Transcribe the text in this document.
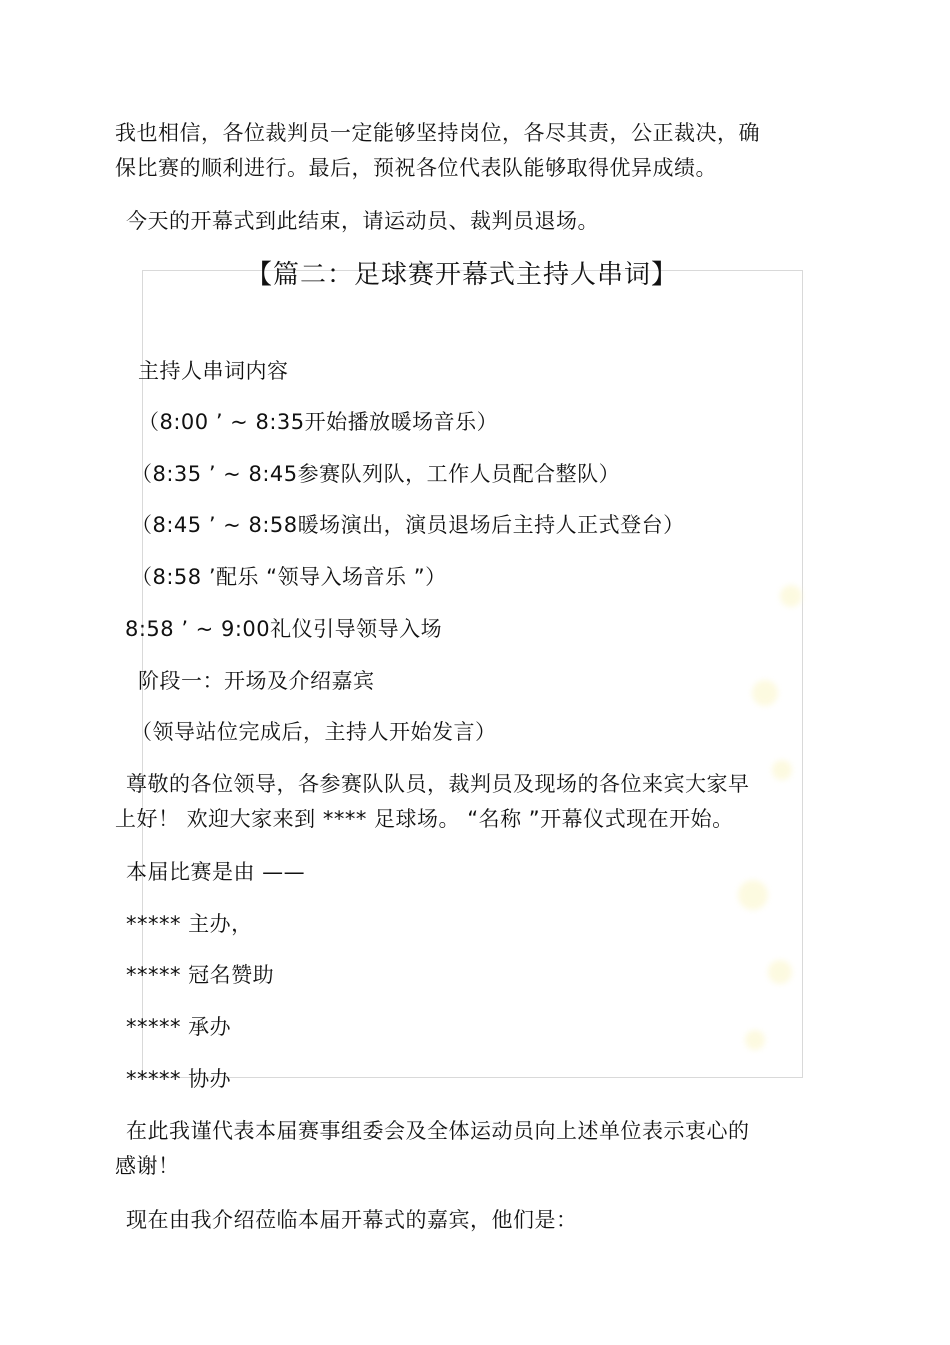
我也相信，各位裁判员一定能够坚持岗位，各尽其责，公正裁决，确
保比赛的顺利进行。最后，预祝各位代表队能够取得优异成绩。
今天的开幕式到此结束，请运动员、裁判员退场。
【篇二：足球赛开幕式主持人串词】
主持人串词内容
（8:00 ’ ~ 8:35开始播放暖场音乐）
（8:35 ’ ~ 8:45参赛队列队，工作人员配合整队）
（8:45 ’ ~ 8:58暖场演出，演员退场后主持人正式登台）
（8:58 ’配乐 “领导入场音乐 ”）
8:58 ’ ~ 9:00礼仪引导领导入场
阶段一：开场及介绍嘉宾
（领导站位完成后，主持人开始发言）
尊敬的各位领导，各参赛队队员，裁判员及现场的各位来宾大家早
上好！ 欢迎大家来到 **** 足球场。 “名称 ”开幕仪式现在开始。
本届比赛是由 ——
***** 主办，
***** 冠名赞助
***** 承办
***** 协办
在此我谨代表本届赛事组委会及全体运动员向上述单位表示衷心的
感谢！
现在由我介绍莅临本届开幕式的嘉宾，他们是：
